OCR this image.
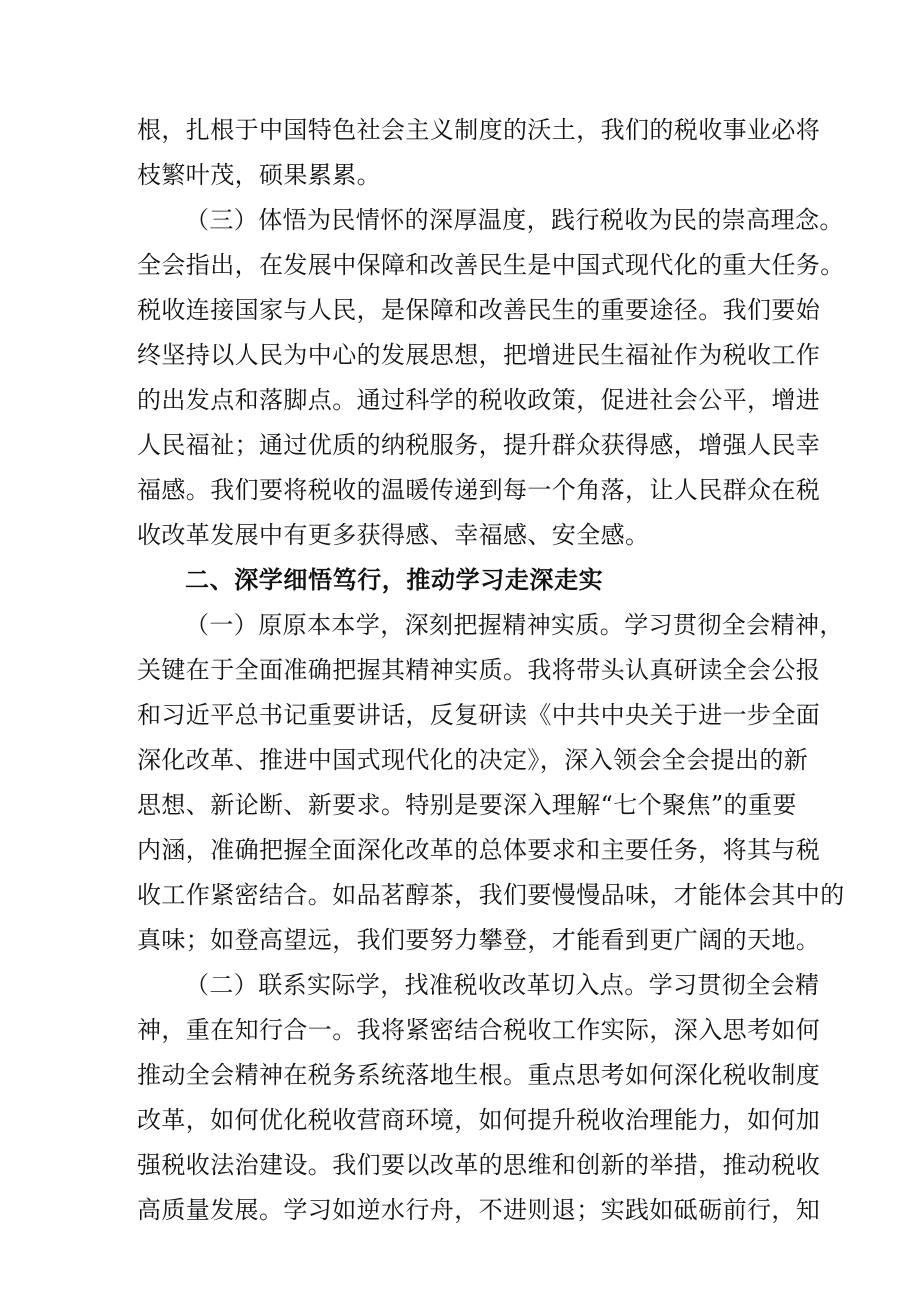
根，扎根于中国特色社会主义制度的沃土，我们的税收事业必将
枝繁叶茂，硕果累累。
（三）体悟为民情怀的深厚温度，践行税收为民的崇高理念。
全会指出，在发展中保障和改善民生是中国式现代化的重大任务。
税收连接国家与人民，是保障和改善民生的重要途径。我们要始
终坚持以人民为中心的发展思想，把增进民生福祉作为税收工作
的出发点和落脚点。通过科学的税收政策，促进社会公平，增进
人民福祉；通过优质的纳税服务，提升群众获得感，增强人民幸
福感。我们要将税收的温暖传递到每一个角落，让人民群众在税
收改革发展中有更多获得感、幸福感、安全感。
二、深学细悟笃行，推动学习走深走实
（一）原原本本学，深刻把握精神实质。学习贯彻全会精神，
关键在于全面准确把握其精神实质。我将带头认真研读全会公报
和习近平总书记重要讲话，反复研读《中共中央关于进一步全面
深化改革、推进中国式现代化的决定》，深入领会全会提出的新
思想、新论断、新要求。特别是要深入理解“七个聚焦”的重要
内涵，准确把握全面深化改革的总体要求和主要任务，将其与税
收工作紧密结合。如品茗醇茶，我们要慢慢品味，才能体会其中的
真味；如登高望远，我们要努力攀登，才能看到更广阔的天地。
（二）联系实际学，找准税收改革切入点。学习贯彻全会精
神，重在知行合一。我将紧密结合税收工作实际，深入思考如何
推动全会精神在税务系统落地生根。重点思考如何深化税收制度
改革，如何优化税收营商环境，如何提升税收治理能力，如何加
强税收法治建设。我们要以改革的思维和创新的举措，推动税收
高质量发展。学习如逆水行舟，不进则退；实践如砥砺前行，知
